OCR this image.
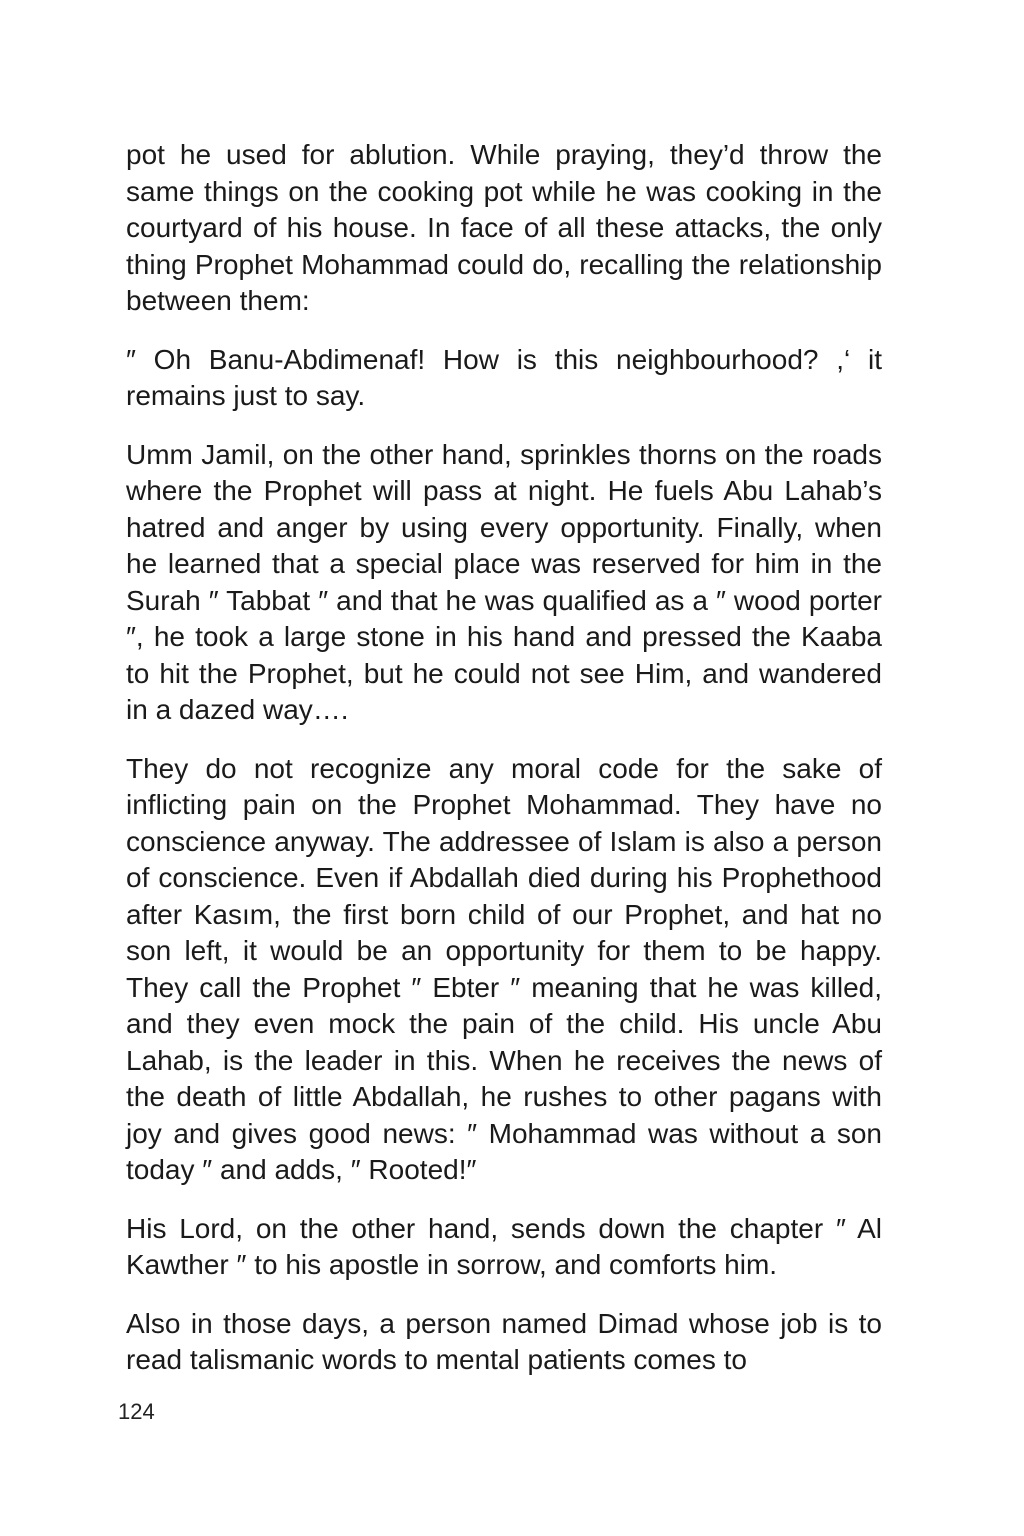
pot he used for ablution. While praying, they’d throw the same things on the cooking pot while he was cooking in the courtyard of his house. In face of all these attacks, the only thing Prophet Mohammad could do, recalling the relationship between them:

″ Oh Banu-Abdimenaf! How is this neighbourhood? ,‘ it remains just to say.

Umm Jamil, on the other hand, sprinkles thorns on the roads where the Prophet will pass at night. He fuels Abu Lahab’s hatred and anger by using every opportunity. Finally, when he learned that a special place was reserved for him in the Surah ″ Tabbat ″ and that he was qualified as a ″ wood porter ″, he took a large stone in his hand and pressed the Kaaba to hit the Prophet, but he could not see Him, and wandered in a dazed way….

They do not recognize any moral code for the sake of inflicting pain on the Prophet Mohammad. They have no conscience anyway. The addressee of Islam is also a person of conscience. Even if Abdallah died during his Prophethood after Kasım, the first born child of our Prophet, and hat no son left, it would be an opportunity for them to be happy. They call the Prophet ″ Ebter ″ meaning that he was killed, and they even mock the pain of the child. His uncle Abu Lahab, is the leader in this. When he receives the news of the death of little Abdallah, he rushes to other pagans with joy and gives good news: ″ Mohammad was without a son today ″ and adds, ″ Rooted!″

His Lord, on the other hand, sends down the chapter ″ Al Kawther ″ to his apostle in sorrow, and comforts him.

Also in those days, a person named Dimad whose job is to read talismanic words to mental patients comes to

124
